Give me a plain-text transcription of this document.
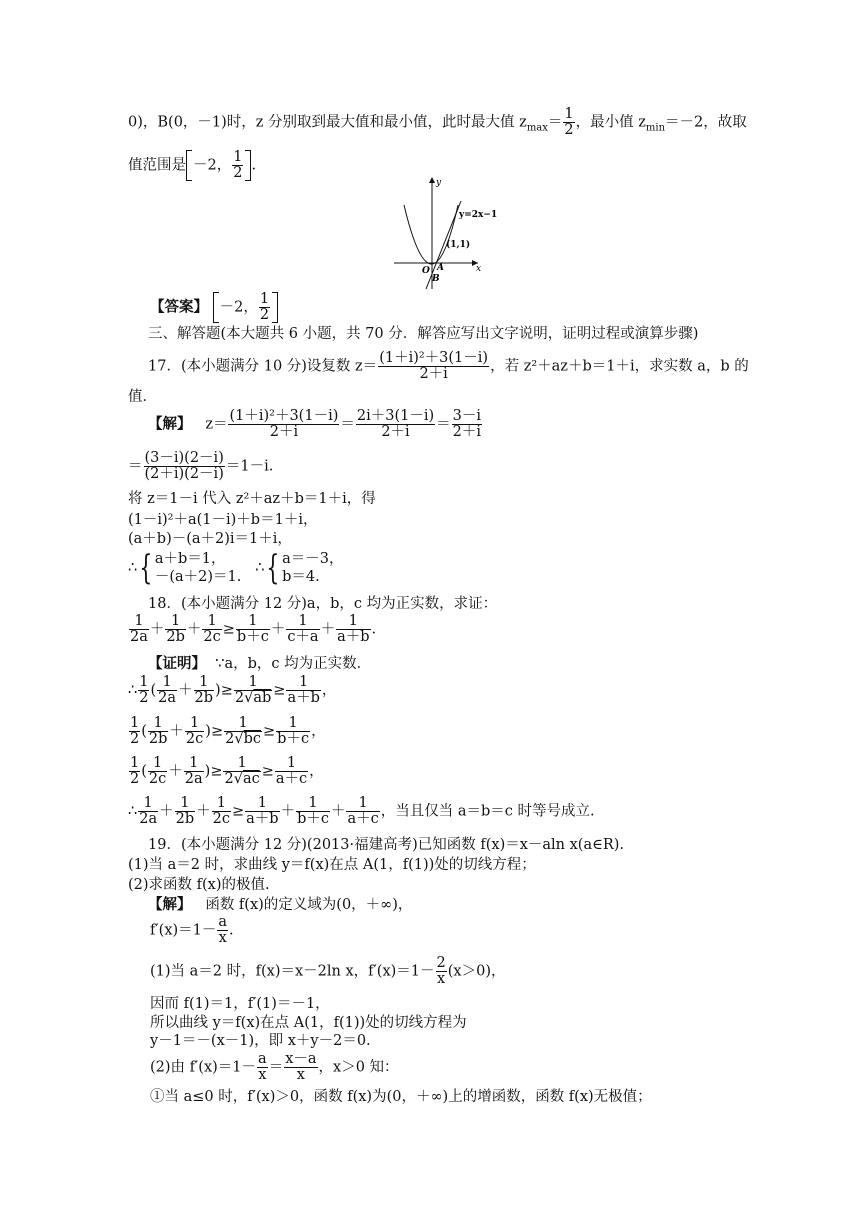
0)，B(0，－1)时，z 分别取到最大值和最小值，此时最大值 $z_{max}= \frac{1}{2}$ ，最小值 $z_{min}=-2$，故取
值范围是 －2， $\frac{1}{2}$ .
y
x
y=2x−1
(1,1)
O A
B
【答案】 －2， $\frac{1}{2}$
三、解答题(本大题共 6 小题，共 70 分．解答应写出文字说明，证明过程或演算步骤)
17．(本小题满分 10 分)设复数 $z= \frac{\text{(1＋i)²＋3(1－i)}}{2+i}$ ，若 z²＋az＋b＝1＋i，求实数 a，b 的
值．
【解】 $z= \frac{\text{(1＋i)²＋3(1－i)}}{2+i} = \frac{2i+3(1-i)}{2+i} = \frac{3-i}{2+i}$
＝ $\frac{(3-i)(2-i)}{(2+i)(2-i)} =1-i$.
将 z＝1－i 代入 z²＋az＋b＝1＋i，得
(1－i)²＋a(1－i)＋b＝1＋i，
(a＋b)－(a＋2)i＝1＋i，
∴{ a＋b＝1，
－(a＋2)＝1.
∴{ a＝－3，
b＝4.
18．(本小题满分 12 分)a，b，c 均为正实数，求证：
$\frac{1}{2a} + \frac{1}{2b} + \frac{1}{2c} \ge \frac{1}{b+c} + \frac{1}{c+a} + \frac{1}{a+b}$ .
【证明】 ∵a，b，c 均为正实数．
∴ $\frac{1}{2}$ ( $\frac{1}{2a} + \frac{1}{2b}$ )≥ $\frac{1}{2√ab} \ge \frac{1}{a+b}$ ，
$\frac{1}{2}$ ( $\frac{1}{2b} + \frac{1}{2c}$ )≥ $\frac{1}{2√bc} \ge \frac{1}{b+c}$ ，
$\frac{1}{2}$ ( $\frac{1}{2c} + \frac{1}{2a}$ )≥ $\frac{1}{2√ac} \ge \frac{1}{a+c}$ ，
∴ $\frac{1}{2a} + \frac{1}{2b} + \frac{1}{2c} \ge \frac{1}{a+b} + \frac{1}{b+c} + \frac{1}{a+c}$ ，当且仅当 a＝b＝c 时等号成立.
19．(本小题满分 12 分)(2013·福建高考)已知函数 f(x)＝x－aln x(a∈R).
(1)当 a＝2 时，求曲线 y＝f(x)在点 A(1，f(1))处的切线方程；
(2)求函数 f(x)的极值.
【解】 函数 f(x)的定义域为(0，＋∞)，
$f'(x)=1- \frac{a}{x}$ .
(1)当 a＝2 时，f(x)＝x－2ln x，$f'(x)=1- \frac{2}{x} (x>0)$，
因而 f(1)＝1，f′(1)＝－1，
所以曲线 y＝f(x)在点 A(1，f(1))处的切线方程为
y－1＝－(x－1)，即 x＋y－2＝0.
(2)由 $f'(x)=1- \frac{a}{x} = \frac{x-a}{x}$ ，x＞0 知：
①当 a≤0 时，f′(x)＞0，函数 f(x)为(0，＋∞)上的增函数，函数 f(x)无极值；
